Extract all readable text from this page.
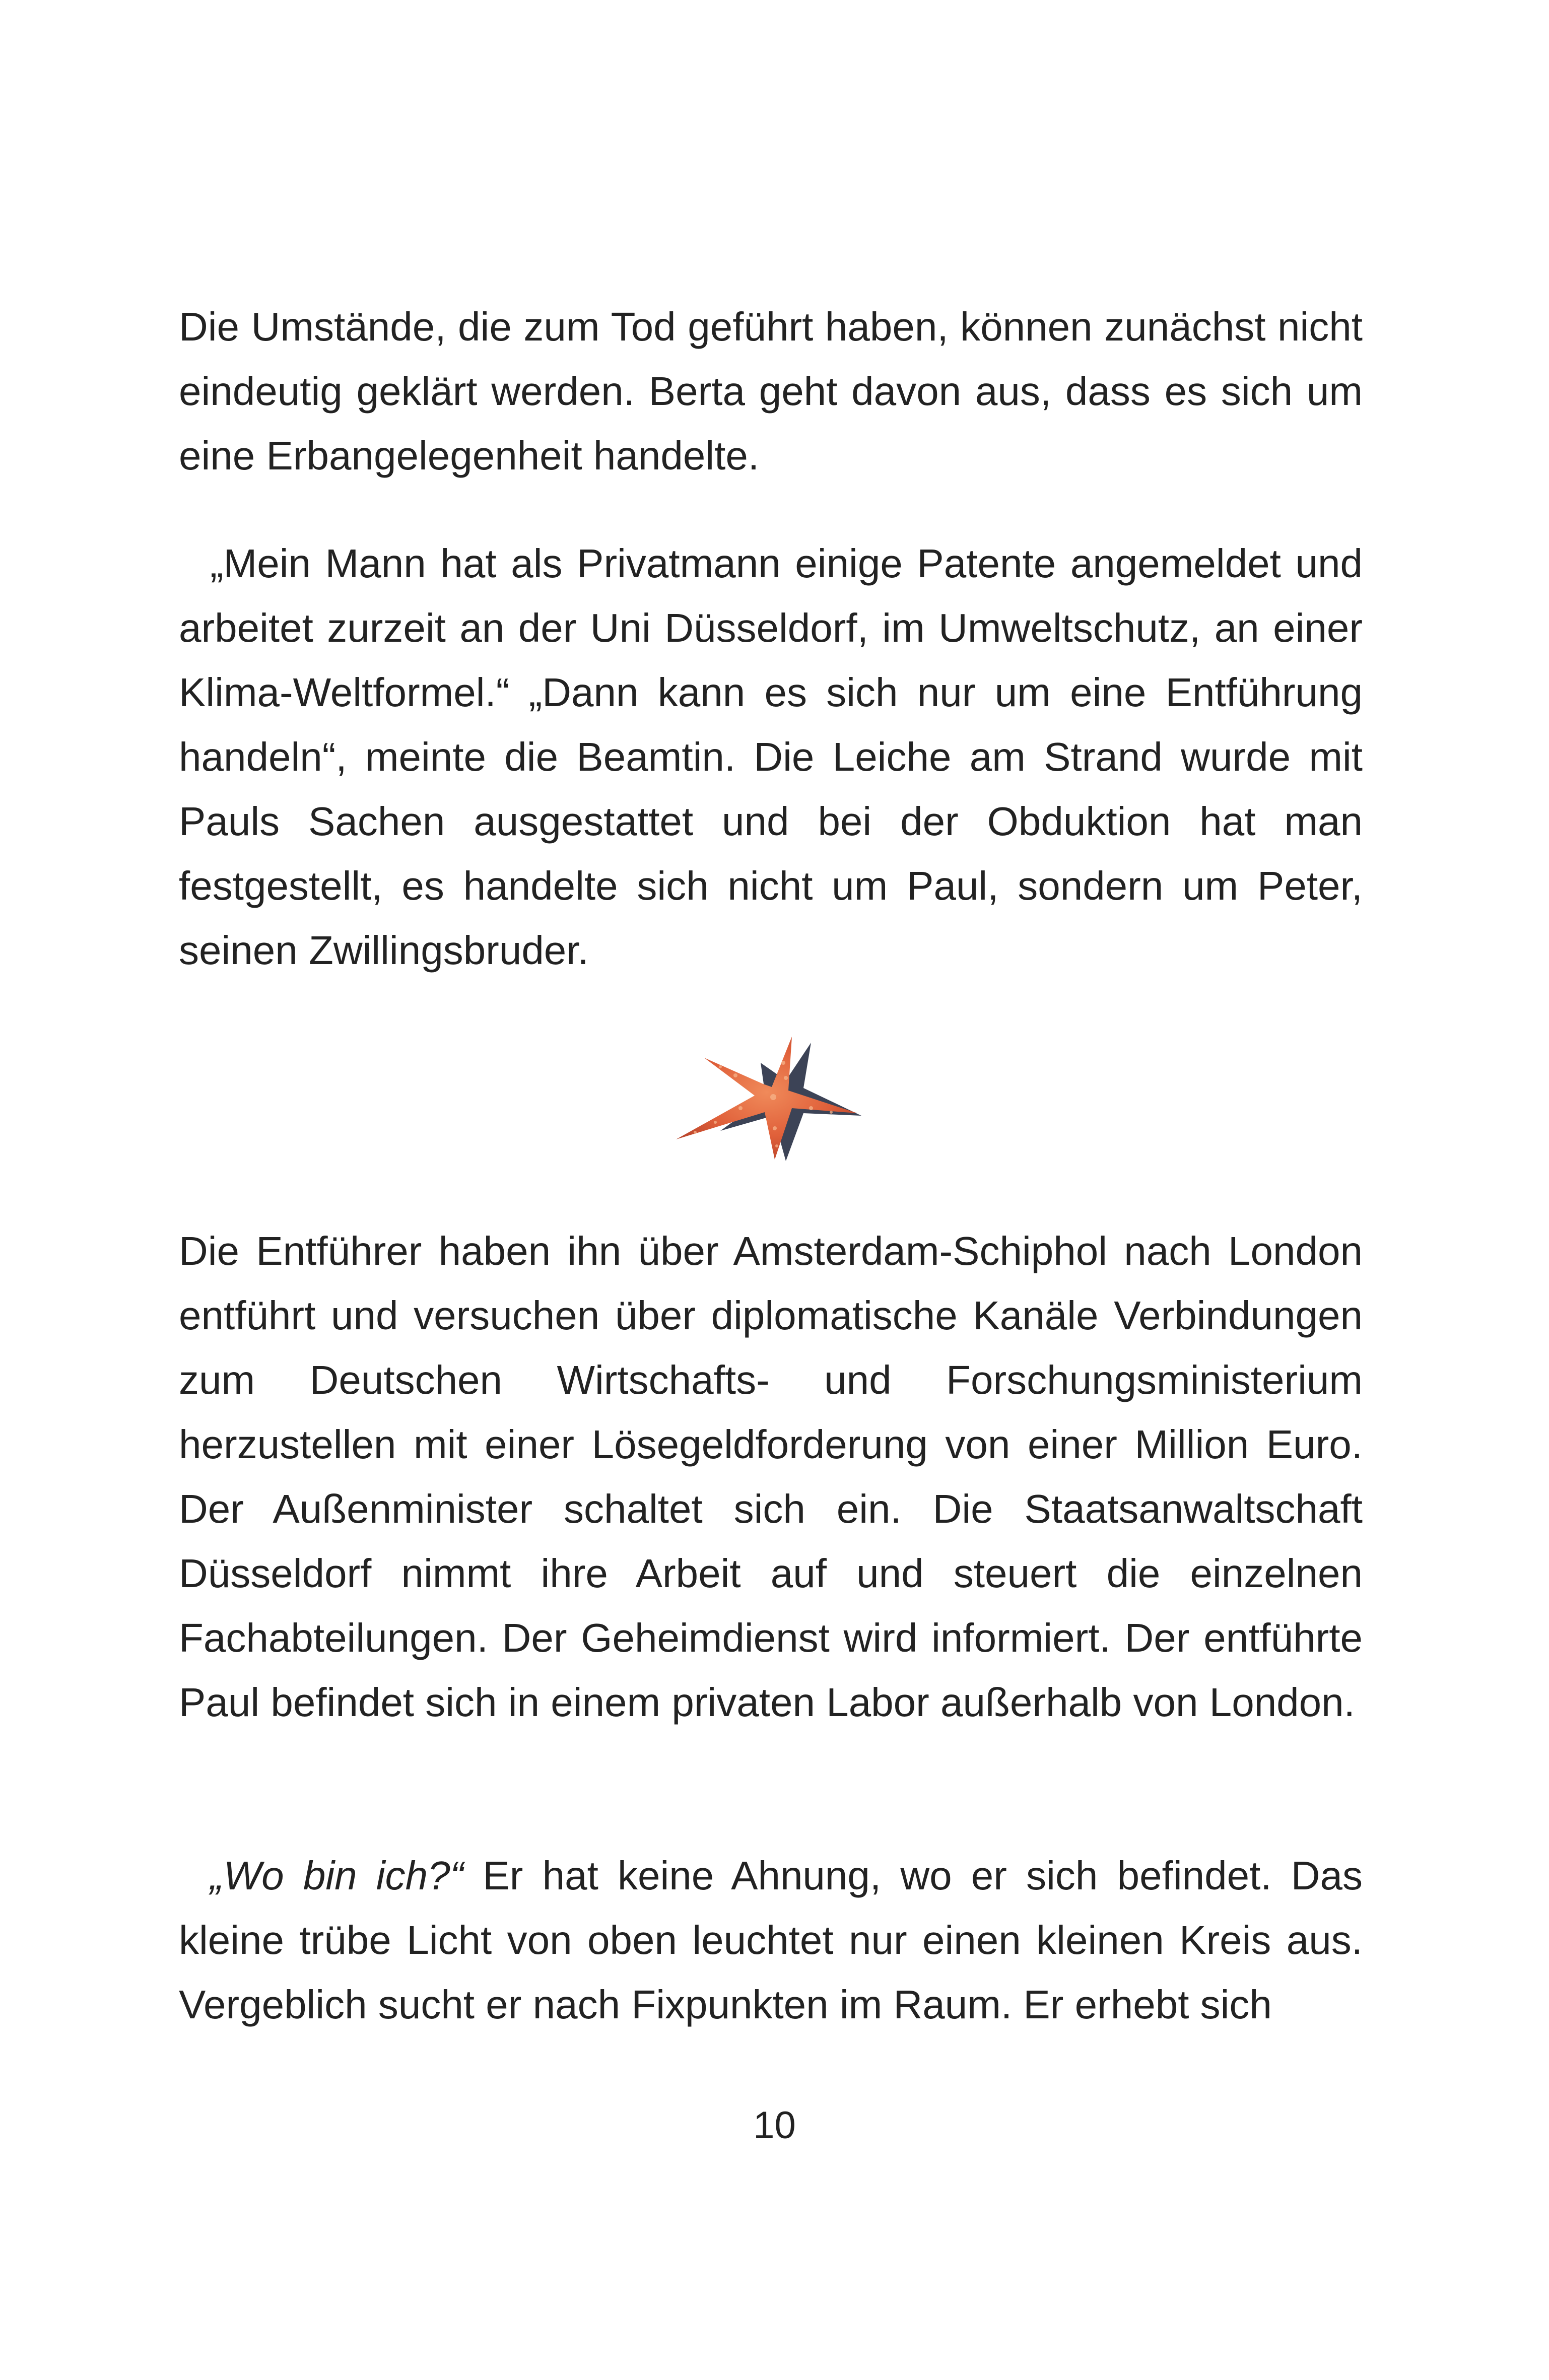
Die Umstände, die zum Tod geführt haben, können zunächst nicht eindeutig geklärt werden. Berta geht davon aus, dass es sich um eine Erbangelegenheit handelte.

„Mein Mann hat als Privatmann einige Patente angemeldet und arbeitet zurzeit an der Uni Düsseldorf, im Umweltschutz, an einer Klima-Weltformel.“ „Dann kann es sich nur um eine Entführung handeln“, meinte die Beamtin. Die Leiche am Strand wurde mit Pauls Sachen ausgestattet und bei der Obduktion hat man festgestellt, es handelte sich nicht um Paul, sondern um Peter, seinen Zwillingsbruder.

Die Entführer haben ihn über Amsterdam-Schiphol nach London entführt und versuchen über diplomatische Kanäle Verbindungen zum Deutschen Wirtschafts- und Forschungsministerium herzustellen mit einer Lösegeldforderung von einer Million Euro. Der Außenminister schaltet sich ein. Die Staatsanwaltschaft Düsseldorf nimmt ihre Arbeit auf und steuert die einzelnen Fachabteilungen. Der Geheimdienst wird informiert. Der entführte Paul befindet sich in einem privaten Labor außerhalb von London.

„Wo bin ich?“ Er hat keine Ahnung, wo er sich befindet. Das kleine trübe Licht von oben leuchtet nur einen kleinen Kreis aus. Vergeblich sucht er nach Fixpunkten im Raum. Er erhebt sich

10
